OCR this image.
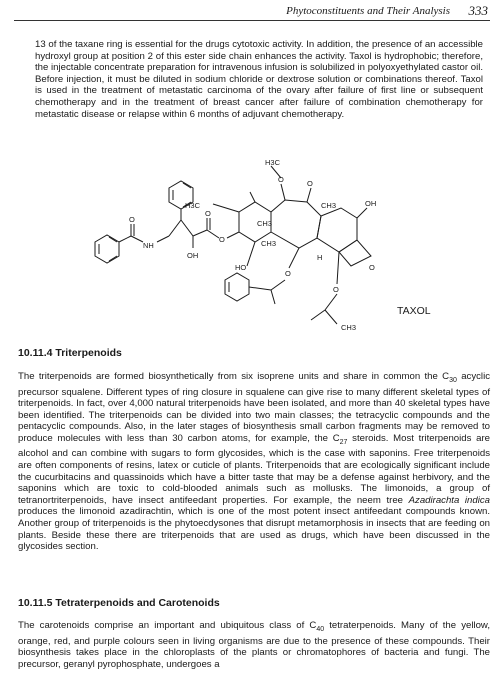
Phytoconstituents and Their Analysis 333

13 of the taxane ring is essential for the drugs cytotoxic activity. In addition, the presence of an accessible hydroxyl group at position 2 of this ester side chain enhances the activity. Taxol is hydrophobic; therefore, the injectable concentrate preparation for intravenous infusion is solubilized in polyoxyethylated castor oil. Before injection, it must be diluted in sodium chloride or dextrose solution or combinations thereof. Taxol is used in the treatment of metastatic carcinoma of the ovary after failure of first line or subsequent chemotherapy and in the treatment of breast cancer after failure of combination chemotherapy for metastatic disease or relapse within 6 months of adjuvant chemotherapy.

O
NH
OH
O
O
H3C
O
H3C
O
CH3
CH3
CH3
OH
O
HO
H
O
O
CH3
TAXOL
10.11.4 Triterpenoids

The triterpenoids are formed biosynthetically from six isoprene units and share in common the $C_{30}$ acyclic precursor squalene. Different types of ring closure in squalene can give rise to many different skeletal types of triterpenoids. In fact, over 4,000 natural triterpenoids have been isolated, and more than 40 skeletal types have been identified. The triterpenoids can be divided into two main classes; the tetracyclic compounds and the pentacyclic compounds. Also, in the later stages of biosynthesis small carbon fragments may be removed to produce molecules with less than 30 carbon atoms, for example, the $C_{27}$ steroids. Most triterpenoids are alcohol and can combine with sugars to form glycosides, which is the case with saponins. Free triterpenoids are often components of resins, latex or cuticle of plants. Triterpenoids that are ecologically significant include the cucurbitacins and quassinoids which have a bitter taste that may be a defense against herbivory, and the saponins which are toxic to cold-blooded animals such as mollusks. The limonoids, a group of tetranortriterpenoids, have insect antifeedant properties. For example, the neem tree Azadirachta indica produces the limonoid azadirachtin, which is one of the most potent insect antifeedant compounds known. Another group of triterpenoids is the phytoecdysones that disrupt metamorphosis in insects that are feeding on plants. Beside these there are triterpenoids that are used as drugs, which have been discussed in the glycosides section.

10.11.5 Tetraterpenoids and Carotenoids

The carotenoids comprise an important and ubiquitous class of $C_{40}$ tetraterpenoids. Many of the yellow, orange, red, and purple colours seen in living organisms are due to the presence of these compounds. Their biosynthesis takes place in the chloroplasts of the plants or chromatophores of bacteria and fungi. The precursor, geranyl pyrophosphate, undergoes a
